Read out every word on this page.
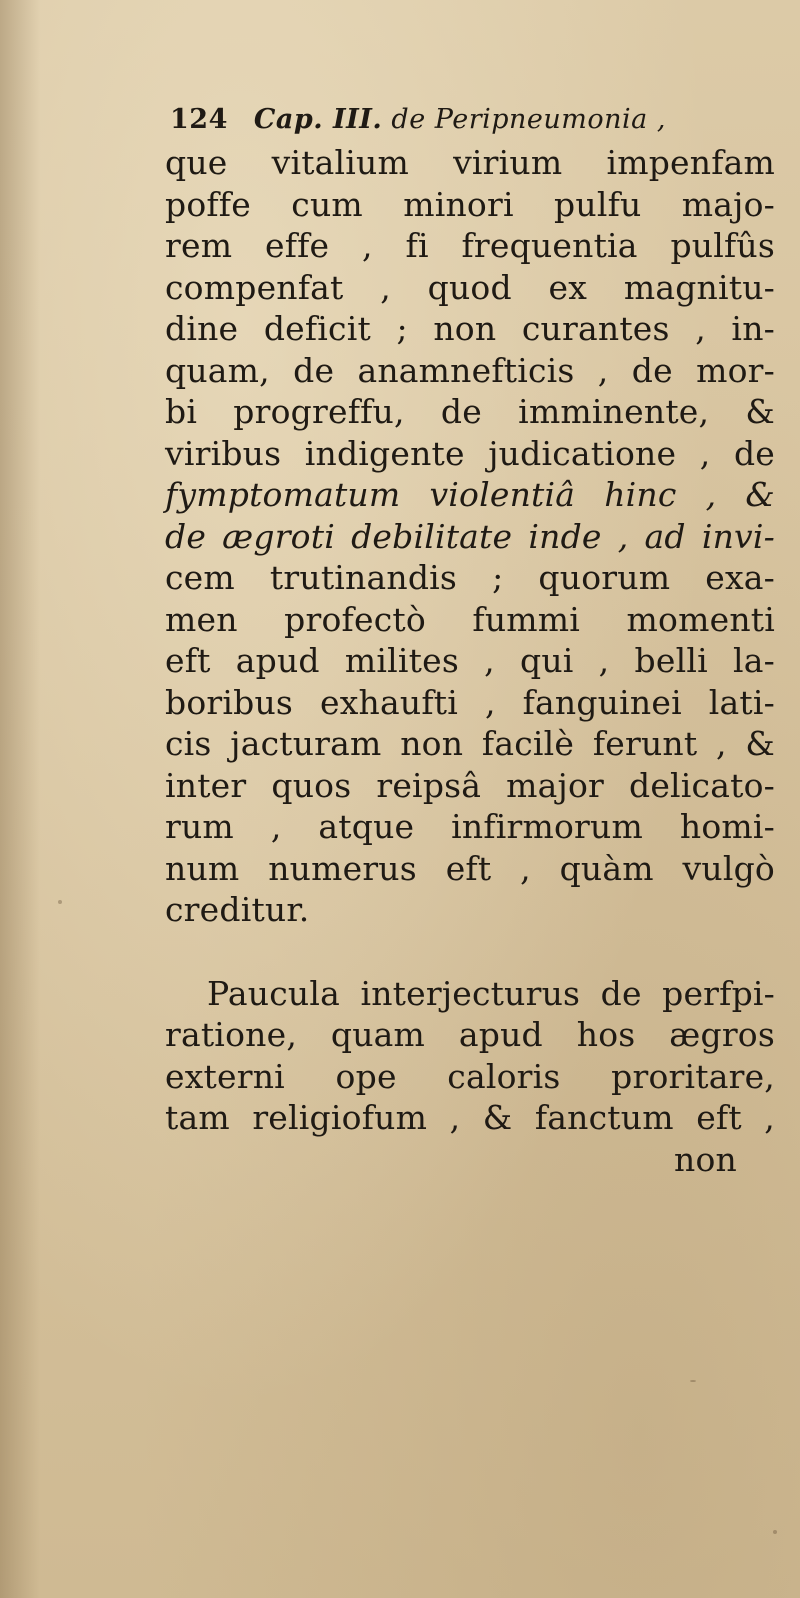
124 Cap. III. de Peripneumonia ,
que vitalium virium impenfam
poffe cum minori pulfu majo-
rem effe , fi frequentia pulfûs
compenfat , quod ex magnitu-
dine deficit ; non curantes , in-
quam, de anamnefticis , de mor-
bi progreffu, de imminente, &
viribus indigente judicatione , de
fymptomatum violentiâ hinc , &
de ægroti debilitate inde , ad invi-
cem trutinandis ; quorum exa-
men profectò fummi momenti
eft apud milites , qui , belli la-
boribus exhaufti , fanguinei lati-
cis jacturam non facilè ferunt , &
inter quos reipsâ major delicato-
rum , atque infirmorum homi-
num numerus eft , quàm vulgò
creditur.
Paucula interjecturus de perfpi-
ratione, quam apud hos ægros
externi ope caloris proritare,
tam religiofum , & fanctum eft ,
non
